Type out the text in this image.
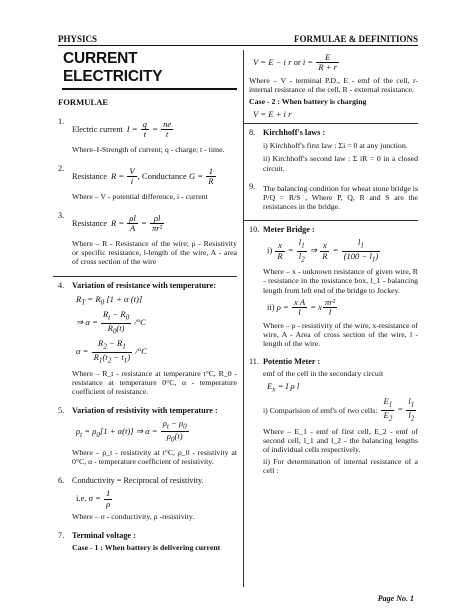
PHYSICS	FORMULAE & DEFINITIONS
CURRENT ELECTRICITY
FORMULAE
1.
Electric current $I = \frac{q}{t} = \frac{ne}{t}$
Where–I-Strength of current; q - charge; t - time.
2.
Resistance $R = \frac{V}{i}$ , Conductance $G = \frac{1}{R}$
Where – V - potential difference, i - current
3.
Resistance $R = \frac{\rho l}{A} = \frac{\rho l}{\text{πr²}}$
Where – R - Resistance of the wire; ρ - Resistivity or specific resistance, l-length of the wire, A - area of cross section of the wire
4. Variation of resistance with temperature:
$R_T = R_0$ [1 + α (t)]
⇒ $\alpha = \frac{R_t - R_0}{R_0(t)} /^\circ C$
$\alpha = \frac{R_2 - R_1}{R_1(t_2 - t_1)} /^\circ C$
Where – R_t - resistance at temperature t°C, R_0 - resistance at temperature 0°C, α - temperature coefficient of resistance.
5. Variation of resistivity with temperature :
$\rho_t = \rho_0[1 + \alpha(t)]$ ⇒ $\alpha = \frac{\rho_t - \rho_0}{\rho_0(t)}$
Where – ρ_t - resistivity at t°C, ρ_0 - resistivity at 0°C, α - temperature coefficient of resistivity.
6. Conductivity = Reciprocal of resistivity.
i.e. $\sigma = \frac{1}{\rho}$
Where – σ - conductivity, ρ -resistivity.
7. Terminal voltage :
Case - 1 : When battery is delivering current
V = E − i r or $i = \frac{E}{R + r}$
Where – V - terminal P.D., E - emf of the cell, r-internal resistance of the cell, R - external resistance.
Case - 2 : When battery is charging
V = E + i r
8. Kirchhoff's laws :
i) Kirchhoff's first law : Σi = 0 at any junction.
ii) Kirchhoff's second law : Σ iR = 0 in a closed circuit.
9.	The balancing condition for wheat stone bridge is P/Q = R/S , Where P, Q, R and S are the resistances in the bridge.
10. Meter Bridge :
$i) \frac{x}{R} = \frac{l_1}{l_2}$ ⇒ $\frac{x}{R} = \frac{l_1}{(100 - l_1)}$
Where – x - unknown resistance of given wire, R - resistance in the resistance box, l_1 - balancing length from left end of the bridge to Jockey.
ii) $\rho = \frac{\text{x A}}{l} = x \frac{\text{πr²}}{l}$
Where – ρ - resistivity of the wire, x-resistance of wire, A - Area of cross section of the wire, l - length of the wire.
11. Potentio Meter :
emf of the cell in the secondary circuit
$E_x = I$ ρ l
i) Comparision of emf's of two cells: $\frac{E_1}{E_2} = \frac{l_1}{l_2}$
Where – E_1 - emf of first cell, E_2 - emf of second cell, l_1 and l_2 - the balancing lengths of individual cells respectively.
ii) For determination of internal resistance of a cell :
Page No. 1
